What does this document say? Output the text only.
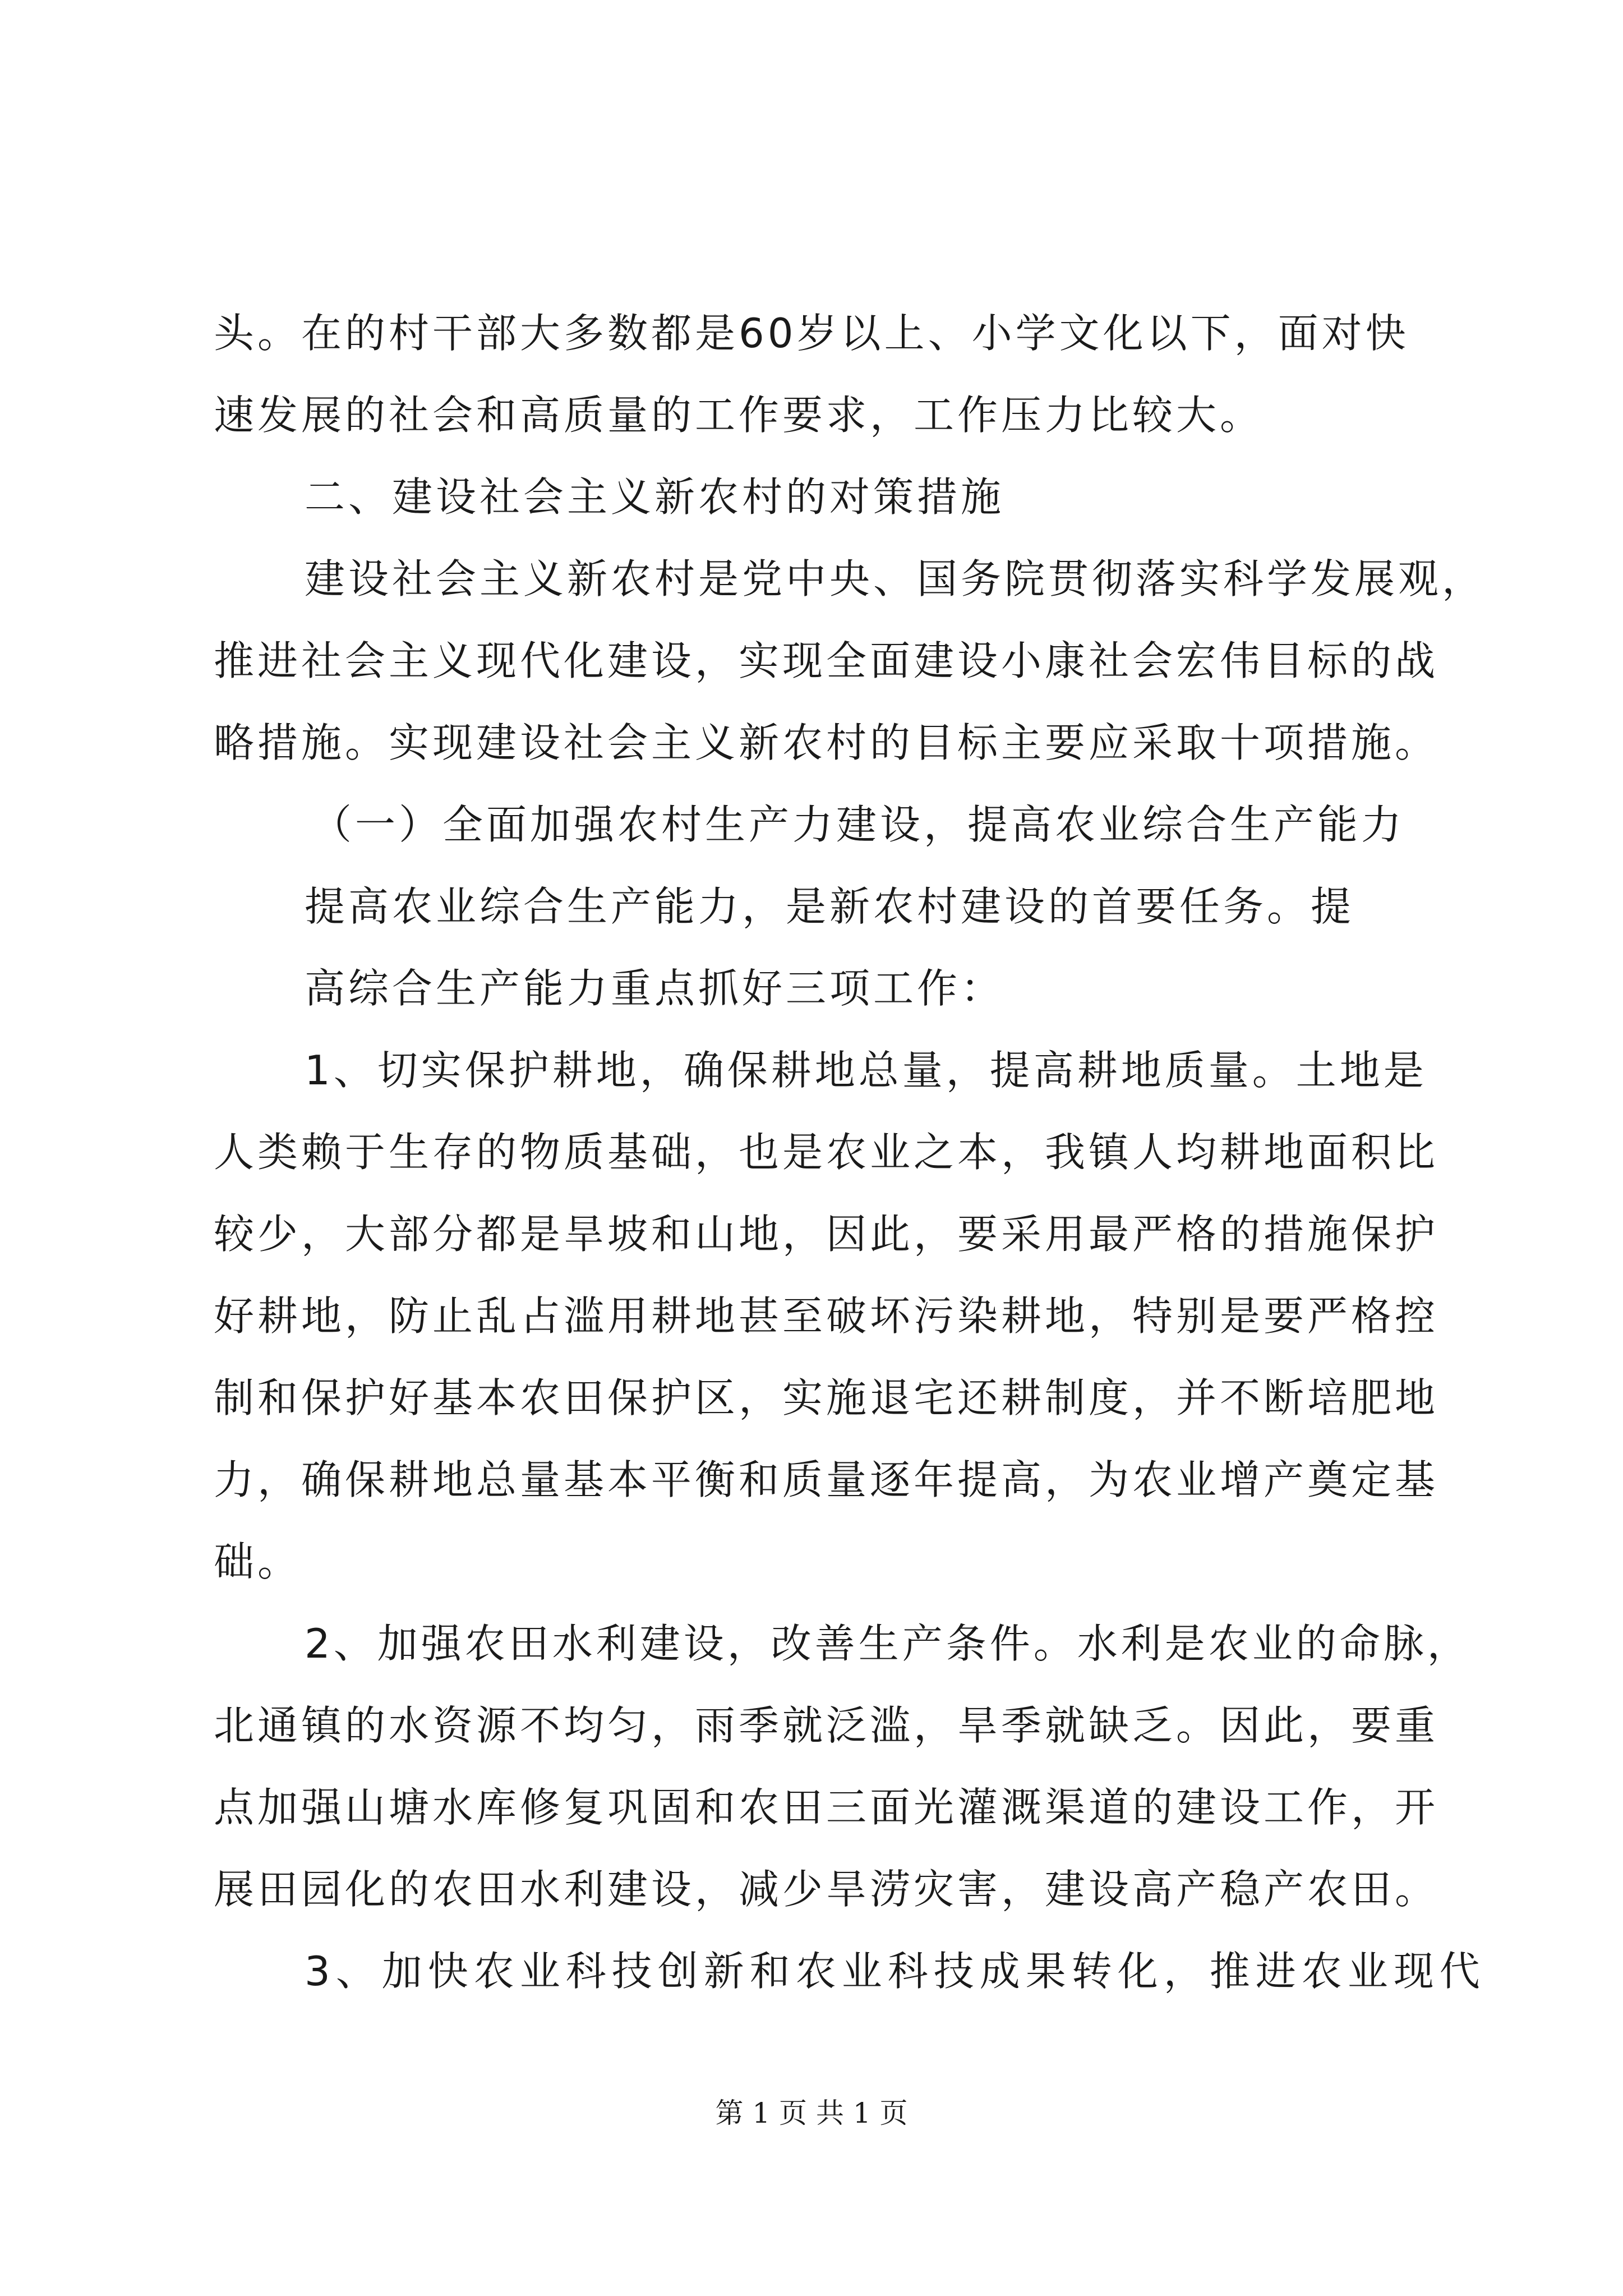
头。在的村干部大多数都是60岁以上、小学文化以下，面对快
速发展的社会和高质量的工作要求，工作压力比较大。
二、建设社会主义新农村的对策措施
建设社会主义新农村是党中央、国务院贯彻落实科学发展观，
推进社会主义现代化建设，实现全面建设小康社会宏伟目标的战
略措施。实现建设社会主义新农村的目标主要应采取十项措施。
（一）全面加强农村生产力建设，提高农业综合生产能力
提高农业综合生产能力，是新农村建设的首要任务。提
高综合生产能力重点抓好三项工作：
1、切实保护耕地，确保耕地总量，提高耕地质量。土地是
人类赖于生存的物质基础，也是农业之本，我镇人均耕地面积比
较少，大部分都是旱坡和山地，因此，要采用最严格的措施保护
好耕地，防止乱占滥用耕地甚至破坏污染耕地，特别是要严格控
制和保护好基本农田保护区，实施退宅还耕制度，并不断培肥地
力，确保耕地总量基本平衡和质量逐年提高，为农业增产奠定基
础。
2、加强农田水利建设，改善生产条件。水利是农业的命脉，
北通镇的水资源不均匀，雨季就泛滥，旱季就缺乏。因此，要重
点加强山塘水库修复巩固和农田三面光灌溉渠道的建设工作，开
展田园化的农田水利建设，减少旱涝灾害，建设高产稳产农田。
3、加快农业科技创新和农业科技成果转化，推进农业现代
第 1 页 共 1 页
